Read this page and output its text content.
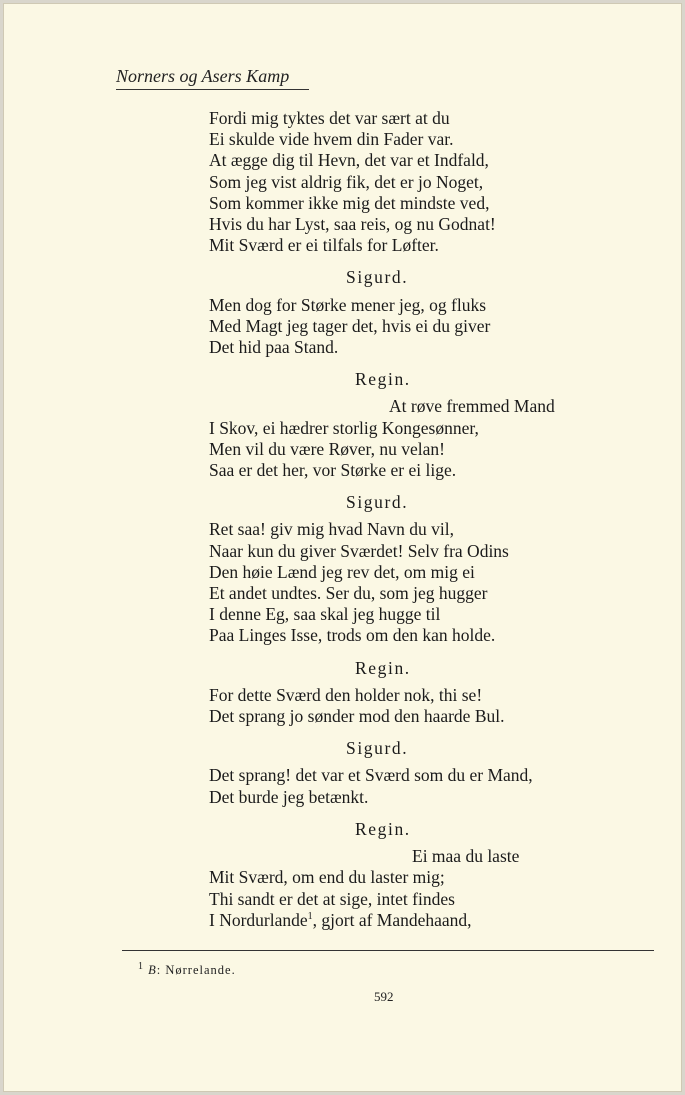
Norners og Asers Kamp
Fordi mig tyktes det var sært at du
Ei skulde vide hvem din Fader var.
At ægge dig til Hevn, det var et Indfald,
Som jeg vist aldrig fik, det er jo Noget,
Som kommer ikke mig det mindste ved,
Hvis du har Lyst, saa reis, og nu Godnat!
Mit Sværd er ei tilfals for Løfter.
Sigurd.
Men dog for Størke mener jeg, og fluks
Med Magt jeg tager det, hvis ei du giver
Det hid paa Stand.
Regin.
At røve fremmed Mand
I Skov, ei hædrer storlig Kongesønner,
Men vil du være Røver, nu velan!
Saa er det her, vor Størke er ei lige.
Sigurd.
Ret saa! giv mig hvad Navn du vil,
Naar kun du giver Sværdet! Selv fra Odins
Den høie Lænd jeg rev det, om mig ei
Et andet undtes. Ser du, som jeg hugger
I denne Eg, saa skal jeg hugge til
Paa Linges Isse, trods om den kan holde.
Regin.
For dette Sværd den holder nok, thi se!
Det sprang jo sønder mod den haarde Bul.
Sigurd.
Det sprang! det var et Sværd som du er Mand,
Det burde jeg betænkt.
Regin.
Ei maa du laste
Mit Sværd, om end du laster mig;
Thi sandt er det at sige, intet findes
I Nordurlande$^1$, gjort af Mandehaand,
$^1$ B: Nørrelande.
592
